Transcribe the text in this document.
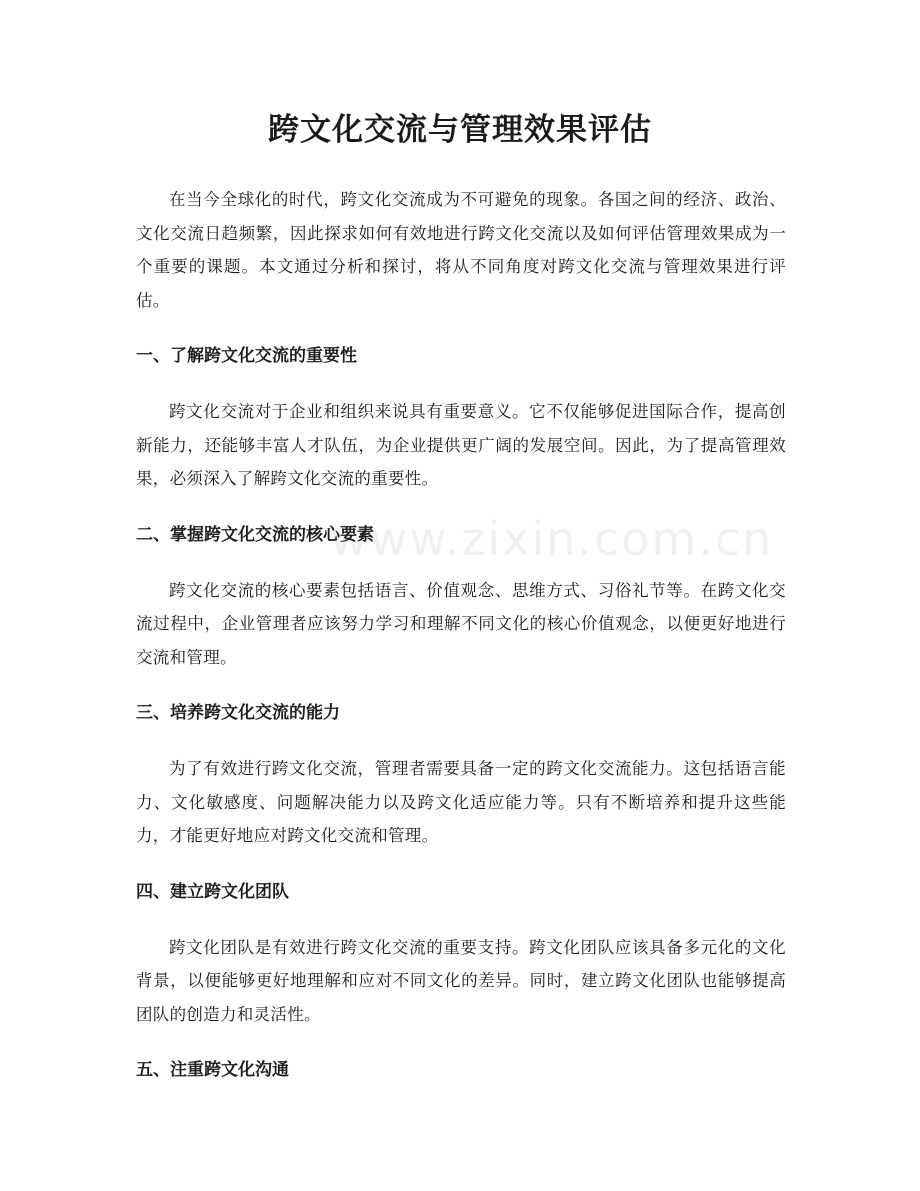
www.zixin.com.cn
跨文化交流与管理效果评估

在当今全球化的时代，跨文化交流成为不可避免的现象。各国之间的经济、政治、文化交流日趋频繁，因此探求如何有效地进行跨文化交流以及如何评估管理效果成为一个重要的课题。本文通过分析和探讨，将从不同角度对跨文化交流与管理效果进行评估。

一、了解跨文化交流的重要性

跨文化交流对于企业和组织来说具有重要意义。它不仅能够促进国际合作，提高创新能力，还能够丰富人才队伍，为企业提供更广阔的发展空间。因此，为了提高管理效果，必须深入了解跨文化交流的重要性。

二、掌握跨文化交流的核心要素

跨文化交流的核心要素包括语言、价值观念、思维方式、习俗礼节等。在跨文化交流过程中，企业管理者应该努力学习和理解不同文化的核心价值观念，以便更好地进行交流和管理。

三、培养跨文化交流的能力

为了有效进行跨文化交流，管理者需要具备一定的跨文化交流能力。这包括语言能力、文化敏感度、问题解决能力以及跨文化适应能力等。只有不断培养和提升这些能力，才能更好地应对跨文化交流和管理。

四、建立跨文化团队

跨文化团队是有效进行跨文化交流的重要支持。跨文化团队应该具备多元化的文化背景，以便能够更好地理解和应对不同文化的差异。同时，建立跨文化团队也能够提高团队的创造力和灵活性。

五、注重跨文化沟通
